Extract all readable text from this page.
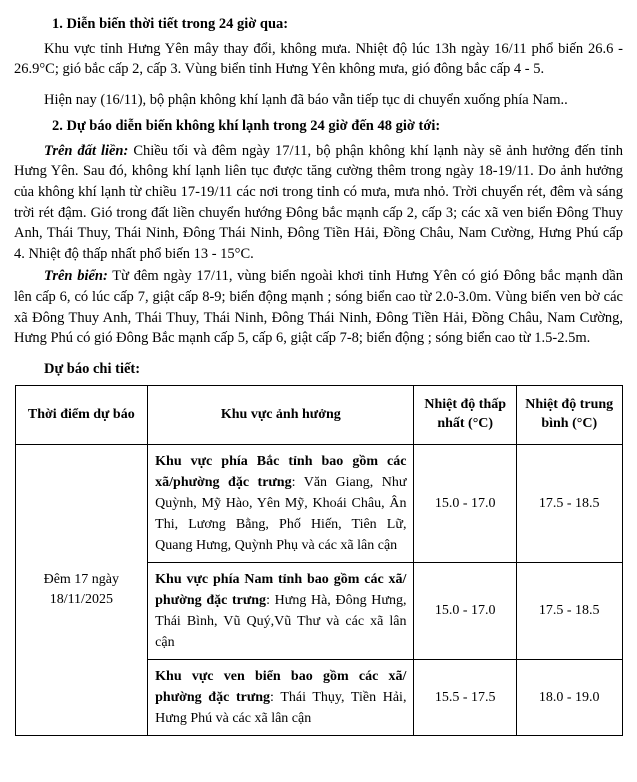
1. Diễn biến thời tiết trong 24 giờ qua:

Khu vực tỉnh Hưng Yên mây thay đổi, không mưa. Nhiệt độ lúc 13h ngày 16/11 phổ biến 26.6 - 26.9°C; gió bắc cấp 2, cấp 3. Vùng biển tỉnh Hưng Yên không mưa, gió đông bắc cấp 4 - 5.

Hiện nay (16/11), bộ phận không khí lạnh đã báo vẫn tiếp tục di chuyển xuống phía Nam..

2. Dự báo diễn biến không khí lạnh trong 24 giờ đến 48 giờ tới:

Trên đất liền: Chiều tối và đêm ngày 17/11, bộ phận không khí lạnh này sẽ ảnh hưởng đến tỉnh Hưng Yên. Sau đó, không khí lạnh liên tục được tăng cường thêm trong ngày 18-19/11. Do ảnh hưởng của không khí lạnh từ chiều 17-19/11 các nơi trong tỉnh có mưa, mưa nhỏ. Trời chuyển rét, đêm và sáng trời rét đậm. Gió trong đất liền chuyển hướng Đông bắc mạnh cấp 2, cấp 3; các xã ven biển Đông Thuy Anh, Thái Thuy, Thái Ninh, Đông Thái Ninh, Đông Tiền Hải, Đồng Châu, Nam Cường, Hưng Phú cấp 4. Nhiệt độ thấp nhất phổ biến 13 - 15°C.

Trên biển: Từ đêm ngày 17/11, vùng biển ngoài khơi tỉnh Hưng Yên có gió Đông bắc mạnh dần lên cấp 6, có lúc cấp 7, giật cấp 8-9; biển động mạnh ; sóng biển cao từ 2.0-3.0m. Vùng biển ven bờ các xã Đông Thuy Anh, Thái Thuy, Thái Ninh, Đông Thái Ninh, Đông Tiền Hải, Đồng Châu, Nam Cường, Hưng Phú có gió Đông Bắc mạnh cấp 5, cấp 6, giật cấp 7-8; biển động ; sóng biển cao từ 1.5-2.5m.

Dự báo chi tiết:
Thời điểm dự báo	Khu vực ảnh hưởng	Nhiệt độ thấp nhất (°C)	Nhiệt độ trung bình (°C)
Đêm 17 ngày 18/11/2025	Khu vực phía Bắc tỉnh bao gồm các xã/phường đặc trưng: Văn Giang, Như Quỳnh, Mỹ Hào, Yên Mỹ, Khoái Châu, Ân Thi, Lương Bằng, Phố Hiến, Tiên Lữ, Quang Hưng, Quỳnh Phụ và các xã lân cận	15.0 - 17.0	17.5 - 18.5
	Khu vực phía Nam tỉnh bao gồm các xã/ phường đặc trưng: Hưng Hà, Đông Hưng, Thái Bình, Vũ Quý,Vũ Thư và các xã lân cận	15.0 - 17.0	17.5 - 18.5
	Khu vực ven biển bao gồm các xã/ phường đặc trưng: Thái Thụy, Tiền Hải, Hưng Phú và các xã lân cận	15.5 - 17.5	18.0 - 19.0
